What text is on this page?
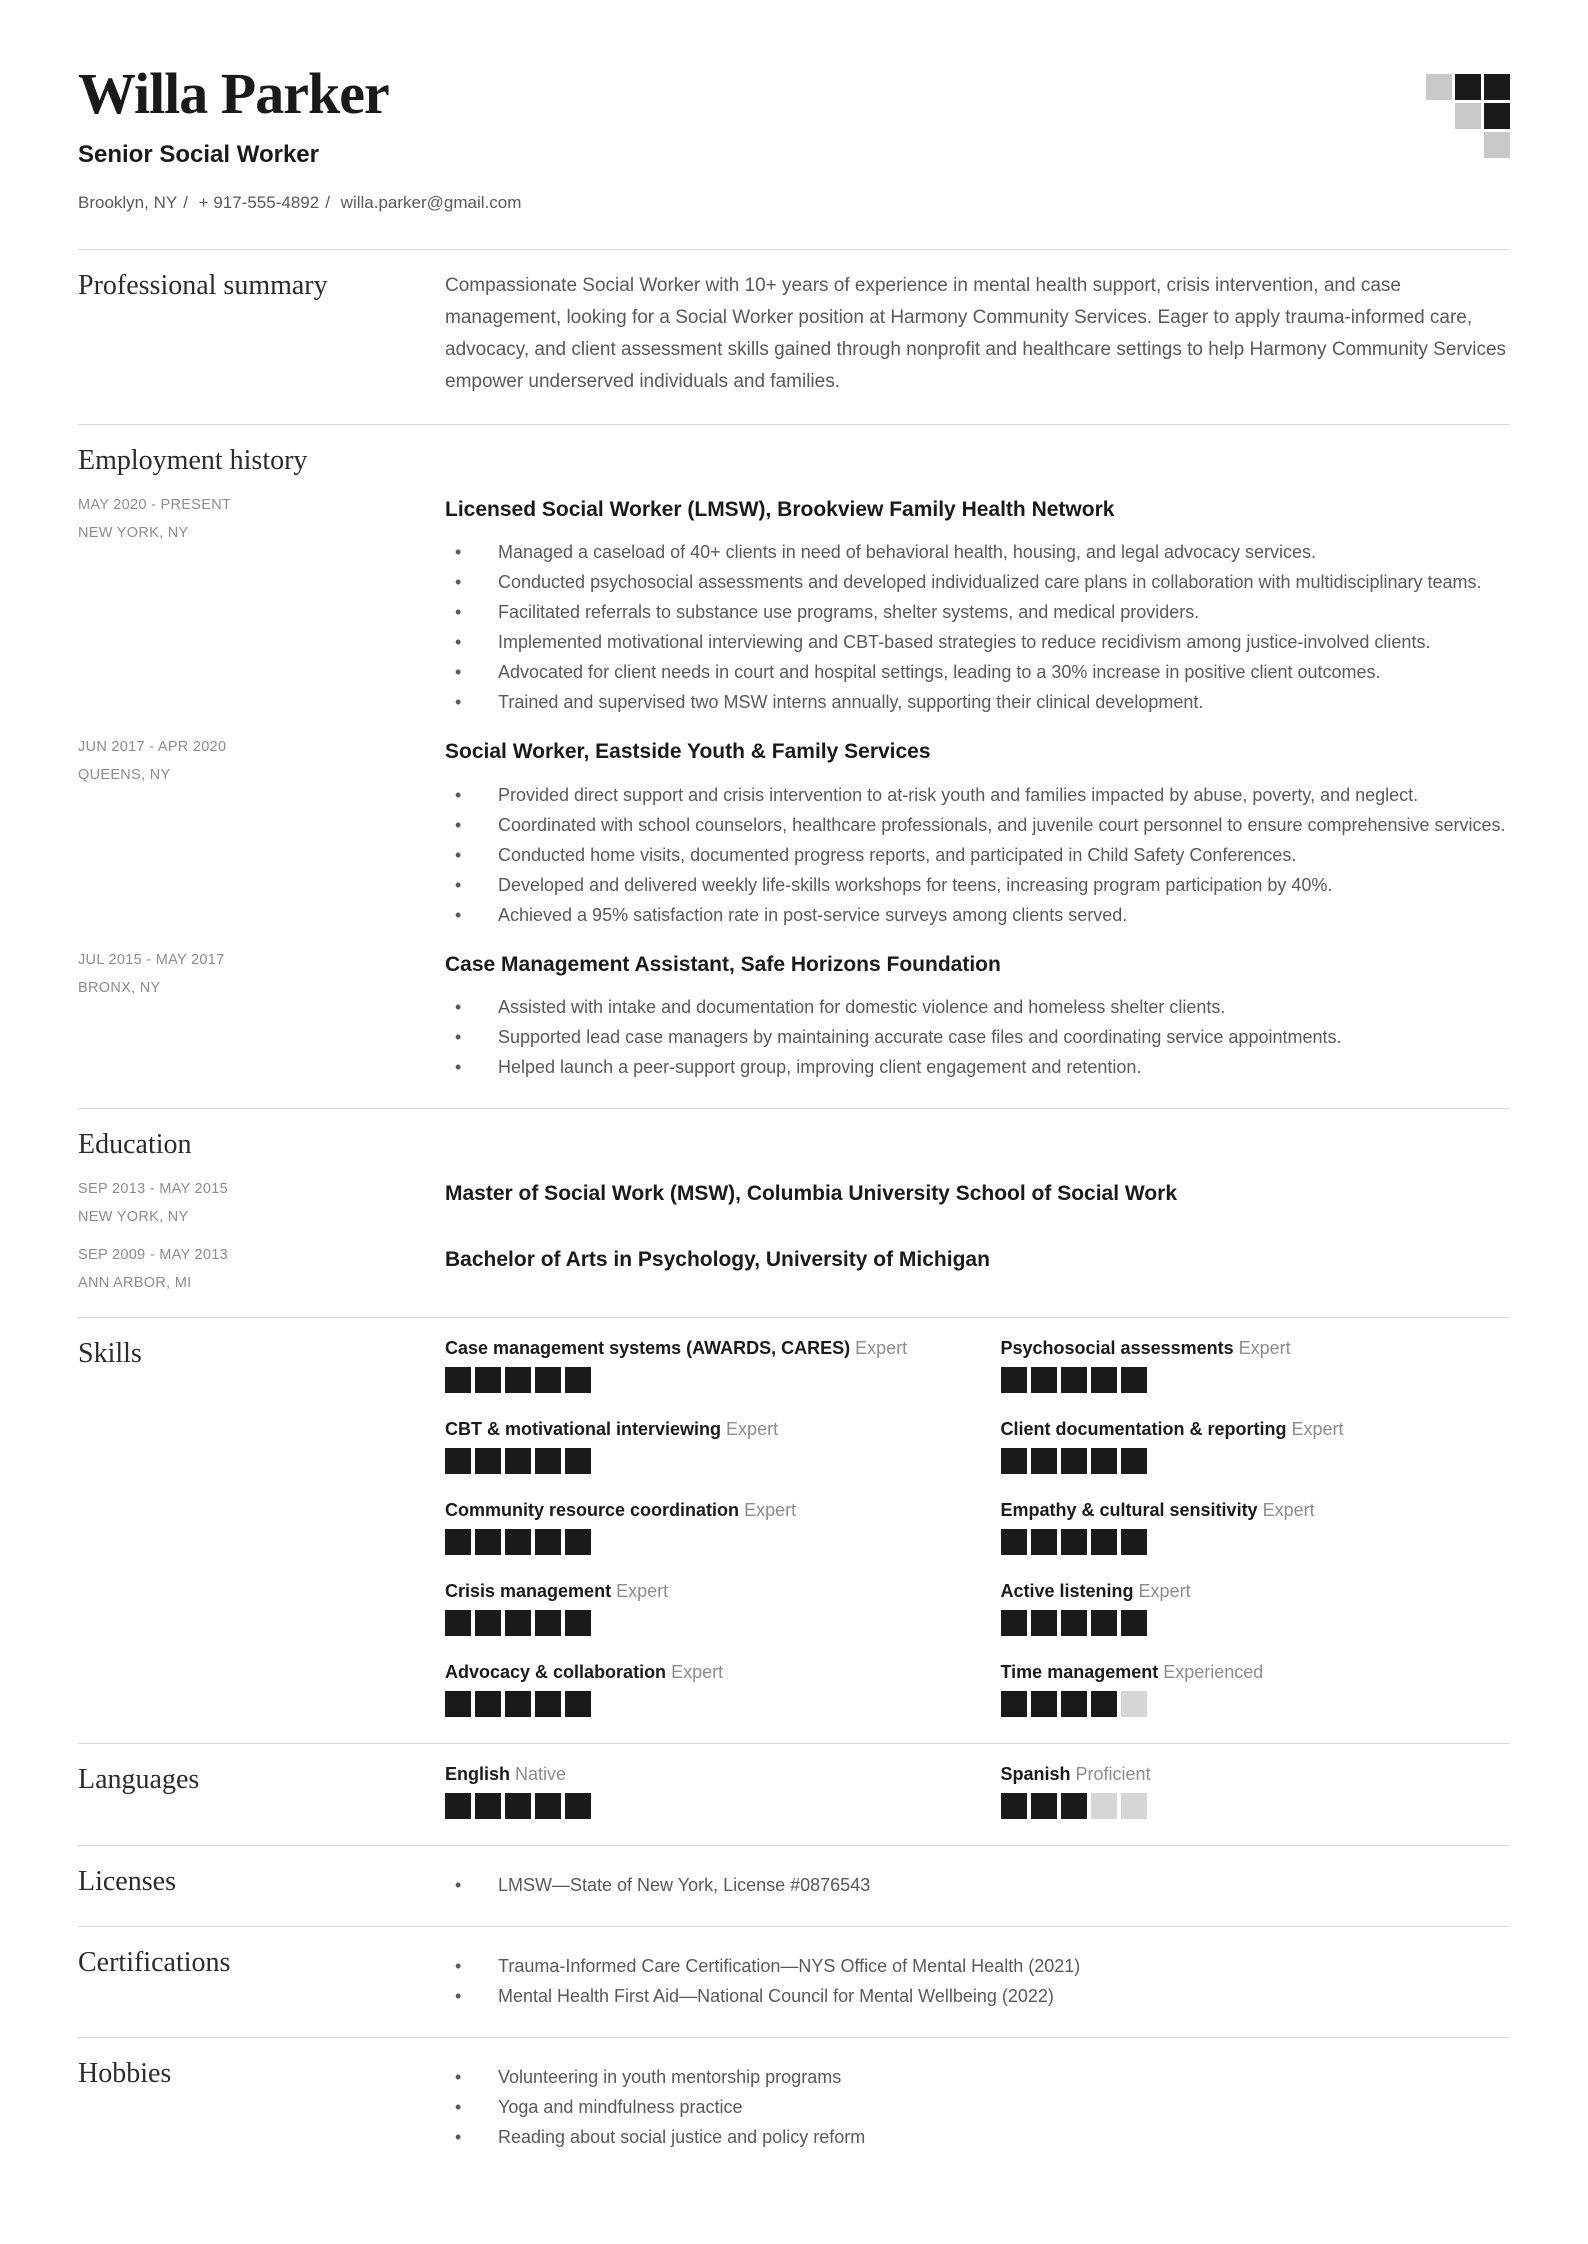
Willa Parker
Senior Social Worker
Brooklyn, NY / + 917-555-4892 / willa.parker@gmail.com
Professional summary	Compassionate Social Worker with 10+ years of experience in mental health support, crisis intervention, and case management, looking for a Social Worker position at Harmony Community Services. Eager to apply trauma-informed care, advocacy, and client assessment skills gained through nonprofit and healthcare settings to help Harmony Community Services empower underserved individuals and families.
Employment history
MAY 2020 - PRESENT
NEW YORK, NY
Licensed Social Worker (LMSW), Brookview Family Health Network
• Managed a caseload of 40+ clients in need of behavioral health, housing, and legal advocacy services.
• Conducted psychosocial assessments and developed individualized care plans in collaboration with multidisciplinary teams.
• Facilitated referrals to substance use programs, shelter systems, and medical providers.
• Implemented motivational interviewing and CBT-based strategies to reduce recidivism among justice-involved clients.
• Advocated for client needs in court and hospital settings, leading to a 30% increase in positive client outcomes.
• Trained and supervised two MSW interns annually, supporting their clinical development.
JUN 2017 - APR 2020
QUEENS, NY
Social Worker, Eastside Youth & Family Services
• Provided direct support and crisis intervention to at-risk youth and families impacted by abuse, poverty, and neglect.
• Coordinated with school counselors, healthcare professionals, and juvenile court personnel to ensure comprehensive services.
• Conducted home visits, documented progress reports, and participated in Child Safety Conferences.
• Developed and delivered weekly life-skills workshops for teens, increasing program participation by 40%.
• Achieved a 95% satisfaction rate in post-service surveys among clients served.
JUL 2015 - MAY 2017
BRONX, NY
Case Management Assistant, Safe Horizons Foundation
• Assisted with intake and documentation for domestic violence and homeless shelter clients.
• Supported lead case managers by maintaining accurate case files and coordinating service appointments.
• Helped launch a peer-support group, improving client engagement and retention.
Education
SEP 2013 - MAY 2015
NEW YORK, NY
Master of Social Work (MSW), Columbia University School of Social Work
SEP 2009 - MAY 2013
ANN ARBOR, MI
Bachelor of Arts in Psychology, University of Michigan
Skills	Case management systems (AWARDS, CARES) Expert	Psychosocial assessments Expert
CBT & motivational interviewing Expert	Client documentation & reporting Expert
Community resource coordination Expert	Empathy & cultural sensitivity Expert
Crisis management Expert	Active listening Expert
Advocacy & collaboration Expert	Time management Experienced
Languages	English Native	Spanish Proficient
Licenses	• LMSW—State of New York, License #0876543
Certifications	• Trauma-Informed Care Certification—NYS Office of Mental Health (2021)
• Mental Health First Aid—National Council for Mental Wellbeing (2022)
Hobbies	• Volunteering in youth mentorship programs
• Yoga and mindfulness practice
• Reading about social justice and policy reform
